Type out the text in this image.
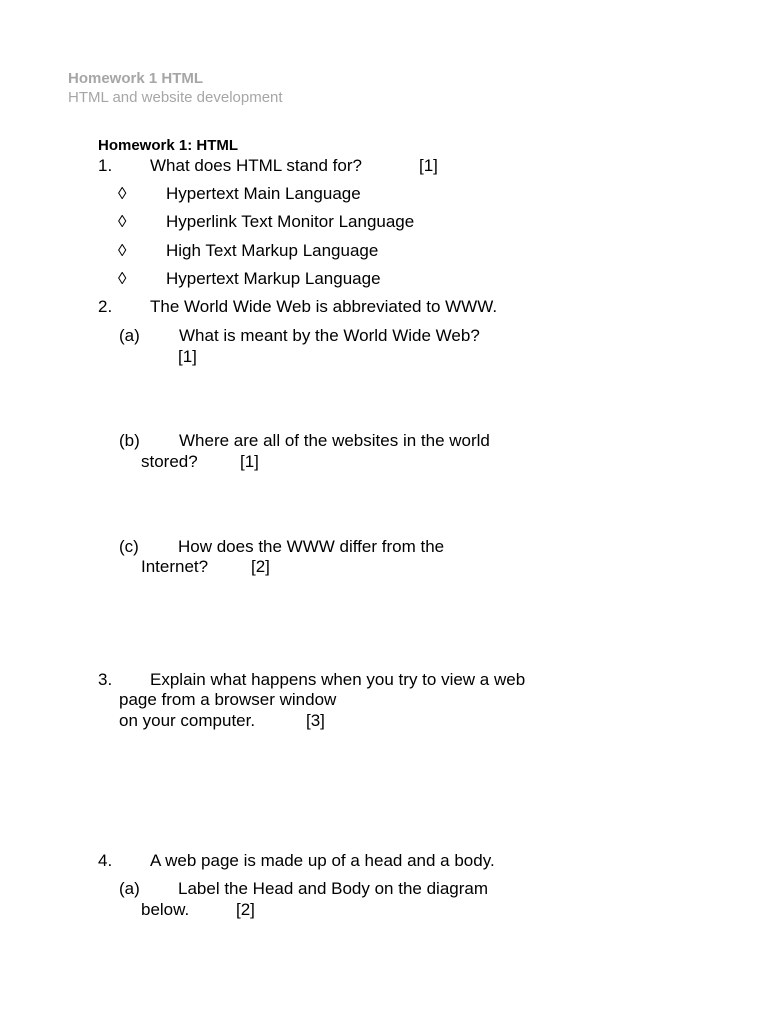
Homework 1 HTML
HTML and website development
Homework 1: HTML
1. What does HTML stand for?	[1]
◊ Hypertext Main Language
◊ Hyperlink Text Monitor Language
◊ High Text Markup Language
◊ Hypertext Markup Language
2. The World Wide Web is abbreviated to WWW.
(a) What is meant by the World Wide Web?
[1]
(b) Where are all of the websites in the world
stored? [1]
(c) How does the WWW differ from the
Internet?	[2]
3. Explain what happens when you try to view a web
page from a browser window
on your computer.	[3]
4. A web page is made up of a head and a body.
(a) Label the Head and Body on the diagram
below.	[2]
